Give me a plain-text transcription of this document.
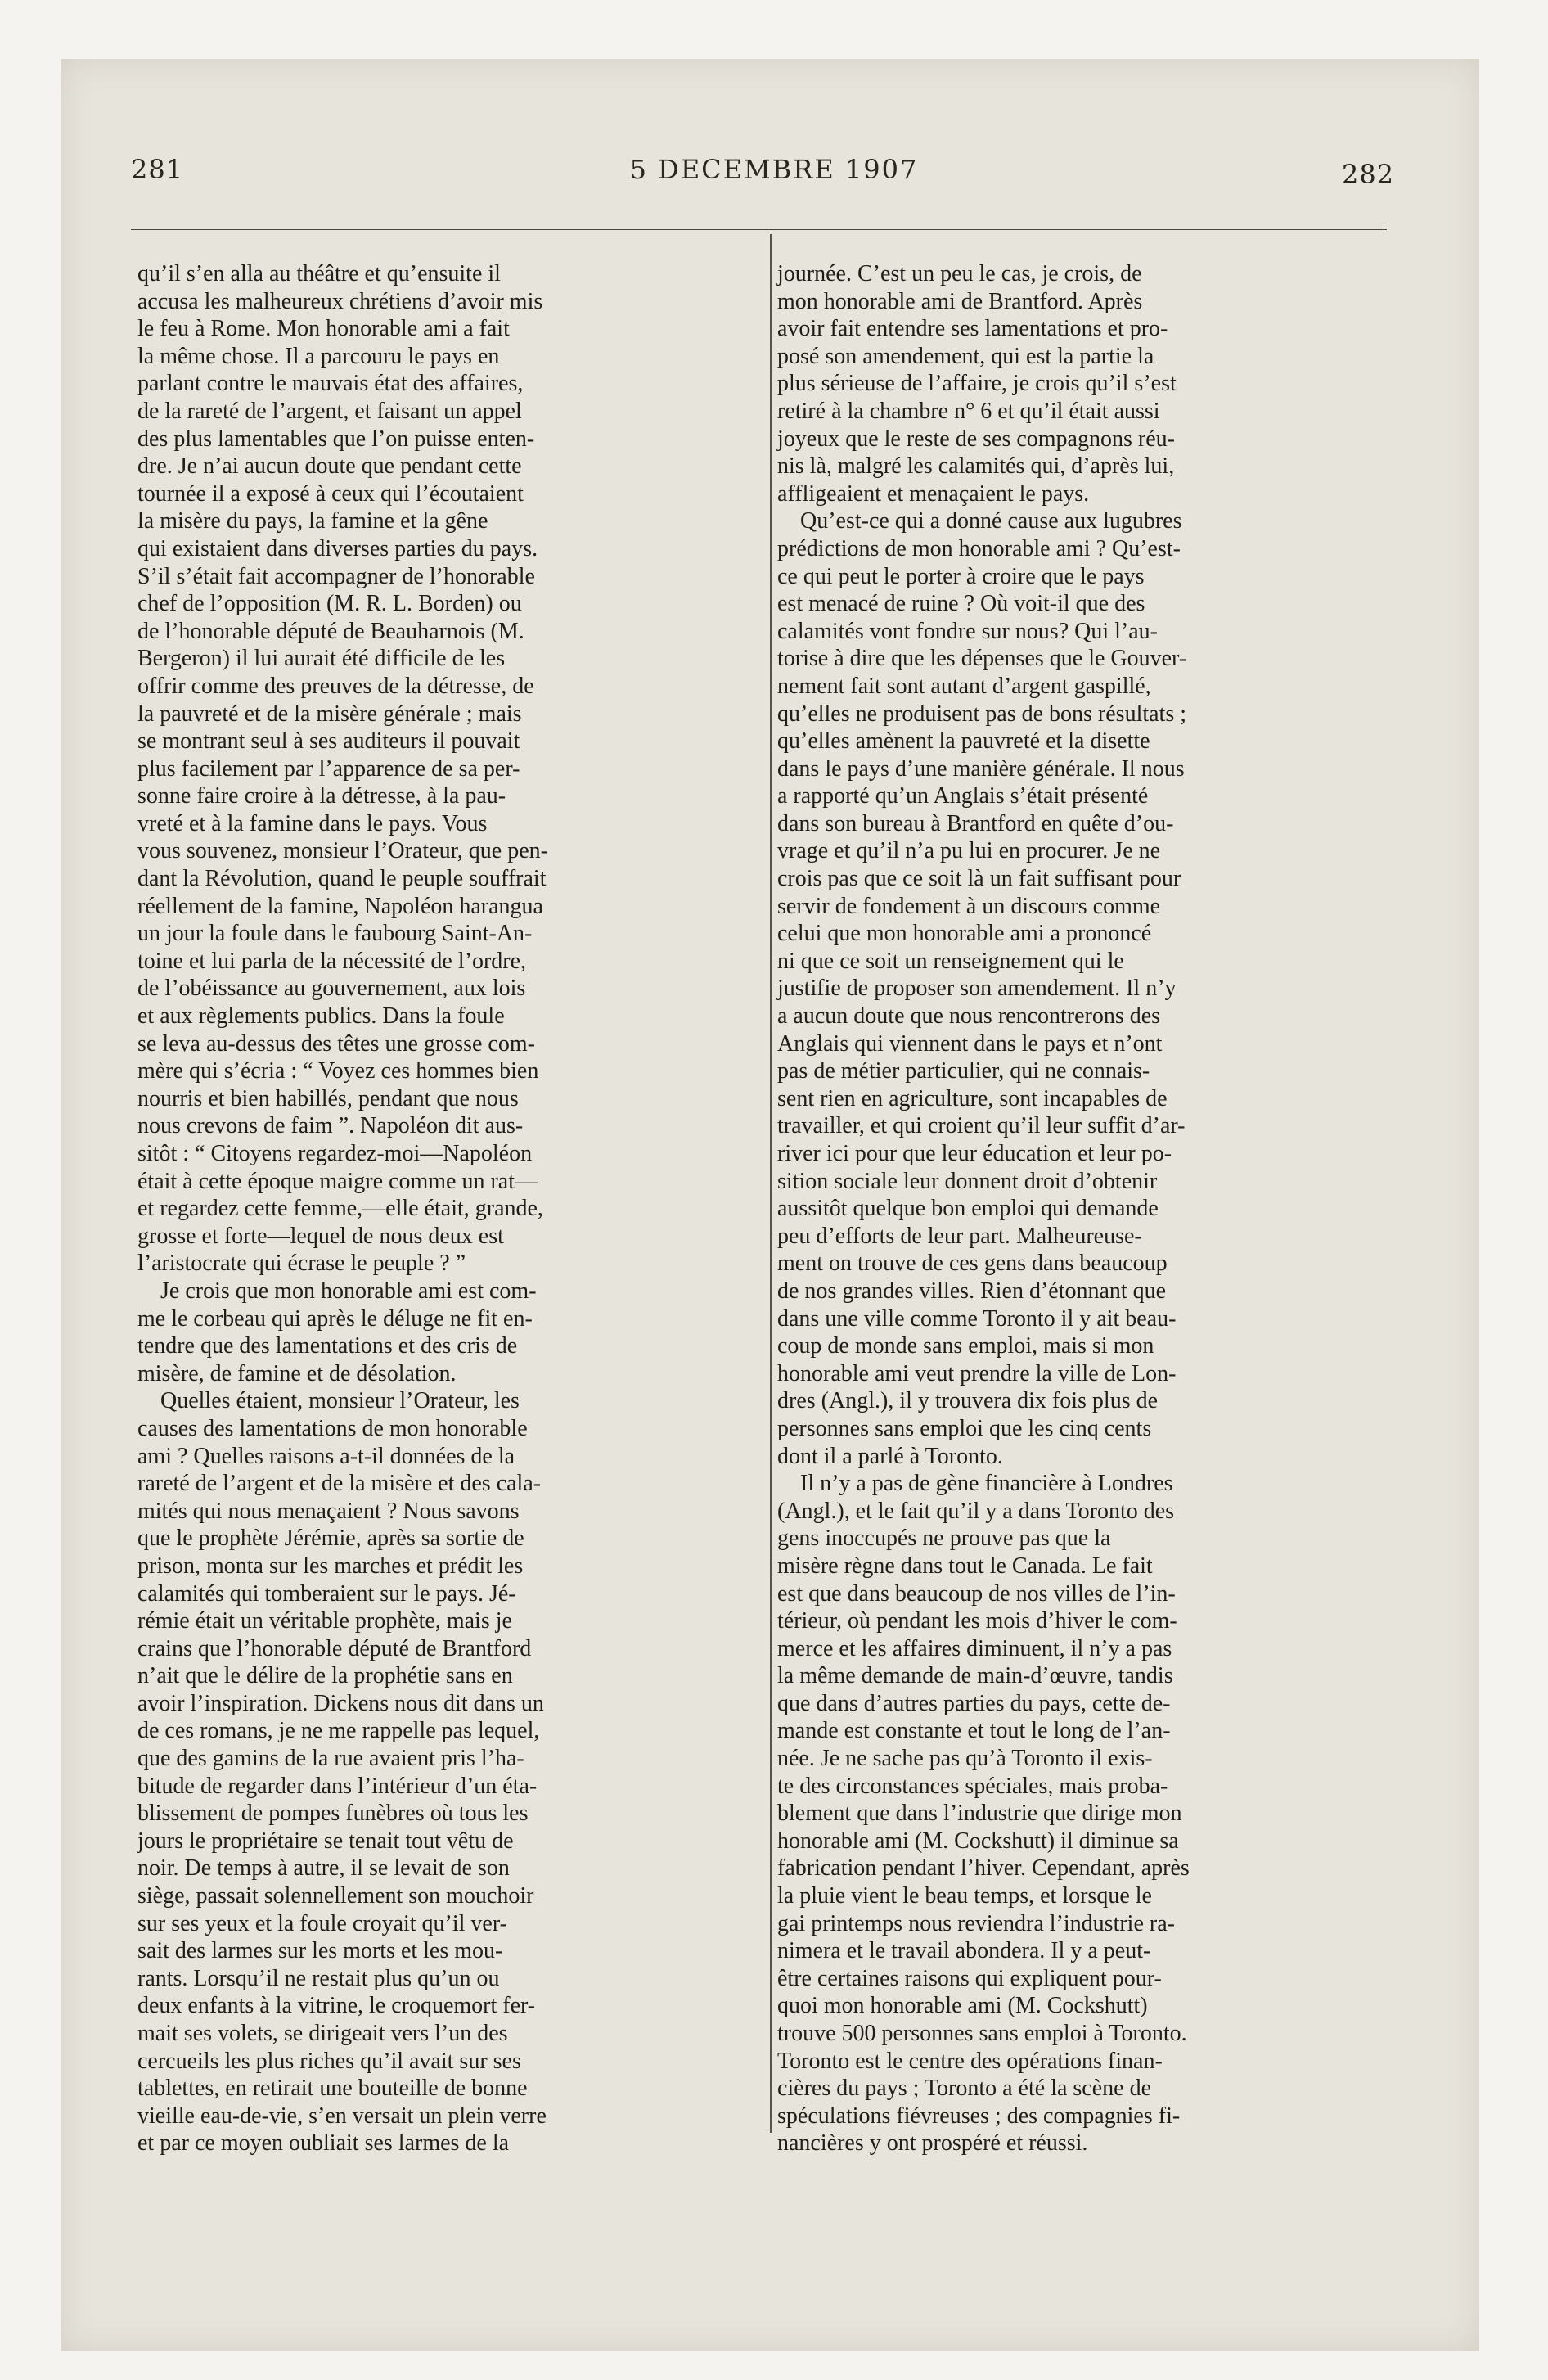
281	5 DECEMBRE 1907	282
qu’il s’en alla au théâtre et qu’ensuite il
accusa les malheureux chrétiens d’avoir mis
le feu à Rome. Mon honorable ami a fait
la même chose. Il a parcouru le pays en
parlant contre le mauvais état des affaires,
de la rareté de l’argent, et faisant un appel
des plus lamentables que l’on puisse enten-
dre. Je n’ai aucun doute que pendant cette
tournée il a exposé à ceux qui l’écoutaient
la misère du pays, la famine et la gêne
qui existaient dans diverses parties du pays.
S’il s’était fait accompagner de l’honorable
chef de l’opposition (M. R. L. Borden) ou
de l’honorable député de Beauharnois (M.
Bergeron) il lui aurait été difficile de les
offrir comme des preuves de la détresse, de
la pauvreté et de la misère générale ; mais
se montrant seul à ses auditeurs il pouvait
plus facilement par l’apparence de sa per-
sonne faire croire à la détresse, à la pau-
vreté et à la famine dans le pays. Vous
vous souvenez, monsieur l’Orateur, que pen-
dant la Révolution, quand le peuple souffrait
réellement de la famine, Napoléon harangua
un jour la foule dans le faubourg Saint-An-
toine et lui parla de la nécessité de l’ordre,
de l’obéissance au gouvernement, aux lois
et aux règlements publics. Dans la foule
se leva au-dessus des têtes une grosse com-
mère qui s’écria : “ Voyez ces hommes bien
nourris et bien habillés, pendant que nous
nous crevons de faim ”. Napoléon dit aus-
sitôt : “ Citoyens regardez-moi—Napoléon
était à cette époque maigre comme un rat—
et regardez cette femme,—elle était, grande,
grosse et forte—lequel de nous deux est
l’aristocrate qui écrase le peuple ? ”
Je crois que mon honorable ami est com-
me le corbeau qui après le déluge ne fit en-
tendre que des lamentations et des cris de
misère, de famine et de désolation.
Quelles étaient, monsieur l’Orateur, les
causes des lamentations de mon honorable
ami ? Quelles raisons a-t-il données de la
rareté de l’argent et de la misère et des cala-
mités qui nous menaçaient ? Nous savons
que le prophète Jérémie, après sa sortie de
prison, monta sur les marches et prédit les
calamités qui tomberaient sur le pays. Jé-
rémie était un véritable prophète, mais je
crains que l’honorable député de Brantford
n’ait que le délire de la prophétie sans en
avoir l’inspiration. Dickens nous dit dans un
de ces romans, je ne me rappelle pas lequel,
que des gamins de la rue avaient pris l’ha-
bitude de regarder dans l’intérieur d’un éta-
blissement de pompes funèbres où tous les
jours le propriétaire se tenait tout vêtu de
noir. De temps à autre, il se levait de son
siège, passait solennellement son mouchoir
sur ses yeux et la foule croyait qu’il ver-
sait des larmes sur les morts et les mou-
rants. Lorsqu’il ne restait plus qu’un ou
deux enfants à la vitrine, le croquemort fer-
mait ses volets, se dirigeait vers l’un des
cercueils les plus riches qu’il avait sur ses
tablettes, en retirait une bouteille de bonne
vieille eau-de-vie, s’en versait un plein verre
et par ce moyen oubliait ses larmes de la
journée. C’est un peu le cas, je crois, de
mon honorable ami de Brantford. Après
avoir fait entendre ses lamentations et pro-
posé son amendement, qui est la partie la
plus sérieuse de l’affaire, je crois qu’il s’est
retiré à la chambre n° 6 et qu’il était aussi
joyeux que le reste de ses compagnons réu-
nis là, malgré les calamités qui, d’après lui,
affligeaient et menaçaient le pays.
Qu’est-ce qui a donné cause aux lugubres
prédictions de mon honorable ami ? Qu’est-
ce qui peut le porter à croire que le pays
est menacé de ruine ? Où voit-il que des
calamités vont fondre sur nous? Qui l’au-
torise à dire que les dépenses que le Gouver-
nement fait sont autant d’argent gaspillé,
qu’elles ne produisent pas de bons résultats ;
qu’elles amènent la pauvreté et la disette
dans le pays d’une manière générale. Il nous
a rapporté qu’un Anglais s’était présenté
dans son bureau à Brantford en quête d’ou-
vrage et qu’il n’a pu lui en procurer. Je ne
crois pas que ce soit là un fait suffisant pour
servir de fondement à un discours comme
celui que mon honorable ami a prononcé
ni que ce soit un renseignement qui le
justifie de proposer son amendement. Il n’y
a aucun doute que nous rencontrerons des
Anglais qui viennent dans le pays et n’ont
pas de métier particulier, qui ne connais-
sent rien en agriculture, sont incapables de
travailler, et qui croient qu’il leur suffit d’ar-
river ici pour que leur éducation et leur po-
sition sociale leur donnent droit d’obtenir
aussitôt quelque bon emploi qui demande
peu d’efforts de leur part. Malheureuse-
ment on trouve de ces gens dans beaucoup
de nos grandes villes. Rien d’étonnant que
dans une ville comme Toronto il y ait beau-
coup de monde sans emploi, mais si mon
honorable ami veut prendre la ville de Lon-
dres (Angl.), il y trouvera dix fois plus de
personnes sans emploi que les cinq cents
dont il a parlé à Toronto.
Il n’y a pas de gène financière à Londres
(Angl.), et le fait qu’il y a dans Toronto des
gens inoccupés ne prouve pas que la
misère règne dans tout le Canada. Le fait
est que dans beaucoup de nos villes de l’in-
térieur, où pendant les mois d’hiver le com-
merce et les affaires diminuent, il n’y a pas
la même demande de main-d’œuvre, tandis
que dans d’autres parties du pays, cette de-
mande est constante et tout le long de l’an-
née. Je ne sache pas qu’à Toronto il exis-
te des circonstances spéciales, mais proba-
blement que dans l’industrie que dirige mon
honorable ami (M. Cockshutt) il diminue sa
fabrication pendant l’hiver. Cependant, après
la pluie vient le beau temps, et lorsque le
gai printemps nous reviendra l’industrie ra-
nimera et le travail abondera. Il y a peut-
être certaines raisons qui expliquent pour-
quoi mon honorable ami (M. Cockshutt)
trouve 500 personnes sans emploi à Toronto.
Toronto est le centre des opérations finan-
cières du pays ; Toronto a été la scène de
spéculations fiévreuses ; des compagnies fi-
nancières y ont prospéré et réussi.
